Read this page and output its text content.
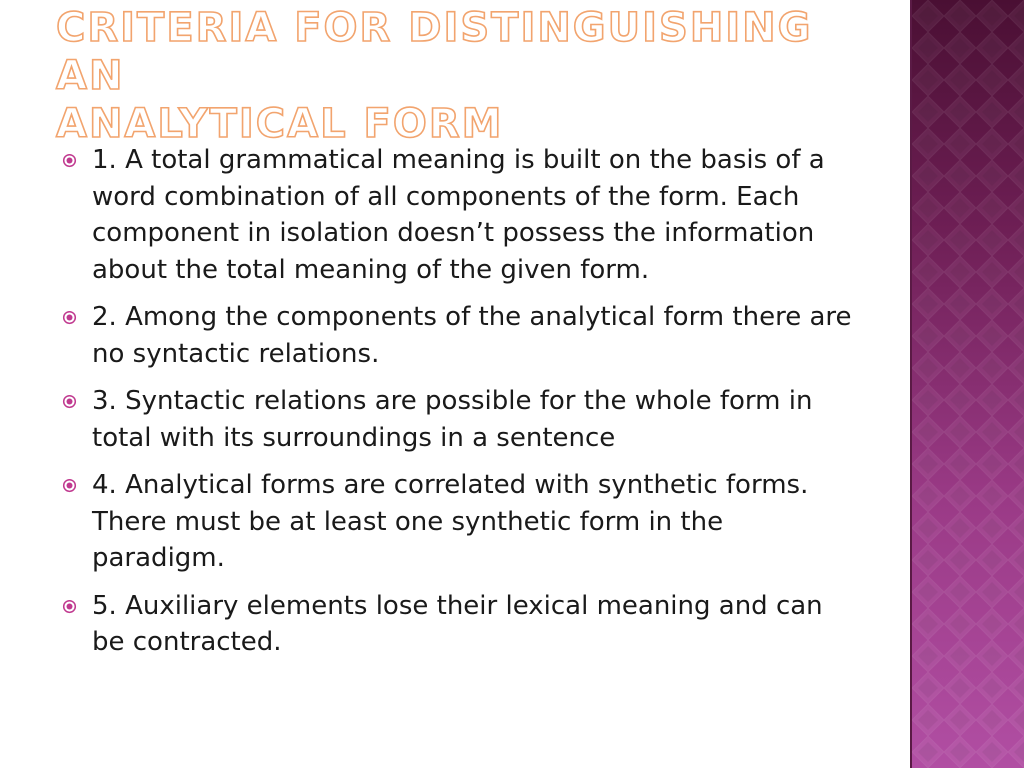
CRITERIA FOR DISTINGUISHING AN
ANALYTICAL FORM
1. A total grammatical meaning is built on the basis of a word combination of all components of the form. Each component in isolation doesn’t possess the information about the total meaning of the given form.
2. Among the components of the analytical form there are no syntactic relations.
3. Syntactic relations are possible for the whole form in total with its surroundings in a sentence
4. Analytical forms are correlated with synthetic forms. There must be at least one synthetic form in the paradigm.
5. Auxiliary elements lose their lexical meaning and can be contracted.
